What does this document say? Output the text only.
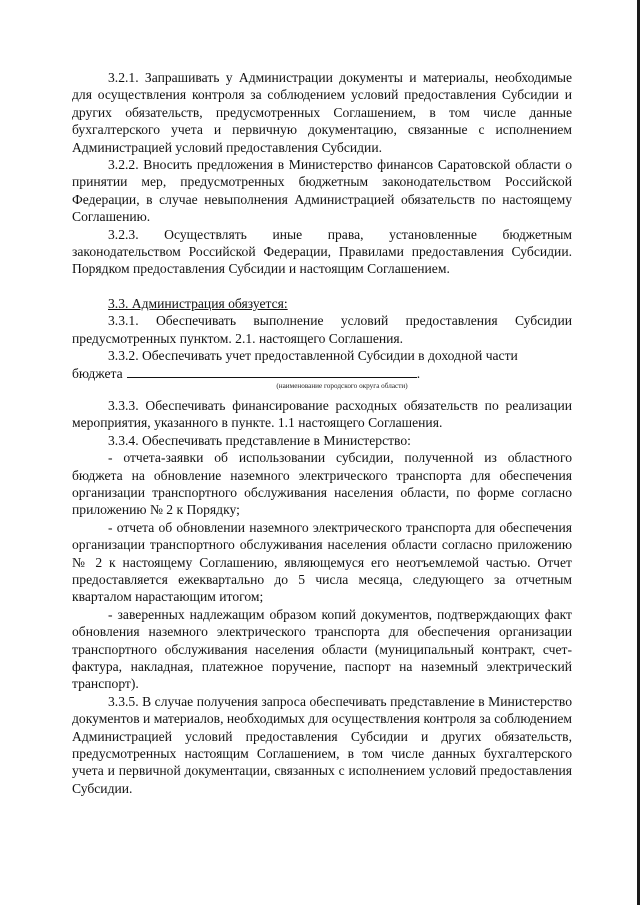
3.2.1. Запрашивать у Администрации документы и материалы, необходимые для осуществления контроля за соблюдением условий предоставления Субсидии и других обязательств, предусмотренных Соглашением, в том числе данные бухгалтерского учета и первичную документацию, связанные с исполнением Администрацией условий предоставления Субсидии.

3.2.2. Вносить предложения в Министерство финансов Саратовской области о принятии мер, предусмотренных бюджетным законодательством Российской Федерации, в случае невыполнения Администрацией обязательств по настоящему Соглашению.

3.2.3. Осуществлять иные права, установленные бюджетным законодательством Российской Федерации, Правилами предоставления Субсидии. Порядком предоставления Субсидии и настоящим Соглашением.

3.3. Администрация обязуется:

3.3.1. Обеспечивать выполнение условий предоставления Субсидии предусмотренных пунктом. 2.1. настоящего Соглашения.

3.3.2. Обеспечивать учет предоставленной Субсидии в доходной части

бюджета	.
(наименование городского округа области)

3.3.3. Обеспечивать финансирование расходных обязательств по реализации мероприятия, указанного в пункте. 1.1 настоящего Соглашения.

3.3.4. Обеспечивать представление в Министерство:

- отчета-заявки об использовании субсидии, полученной из областного бюджета на обновление наземного электрического транспорта для обеспечения организации транспортного обслуживания населения области, по форме согласно приложению № 2 к Порядку;

- отчета об обновлении наземного электрического транспорта для обеспечения организации транспортного обслуживания населения области согласно приложению № 2 к настоящему Соглашению, являющемуся его неотъемлемой частью. Отчет предоставляется ежеквартально до 5 числа месяца, следующего за отчетным кварталом нарастающим итогом;

- заверенных надлежащим образом копий документов, подтверждающих факт обновления наземного электрического транспорта для обеспечения организации транспортного обслуживания населения области (муниципальный контракт, счет-фактура, накладная, платежное поручение, паспорт на наземный электрический транспорт).

3.3.5. В случае получения запроса обеспечивать представление в Министерство документов и материалов, необходимых для осуществления контроля за соблюдением Администрацией условий предоставления Субсидии и других обязательств, предусмотренных настоящим Соглашением, в том числе данных бухгалтерского учета и первичной документации, связанных с исполнением условий предоставления Субсидии.
